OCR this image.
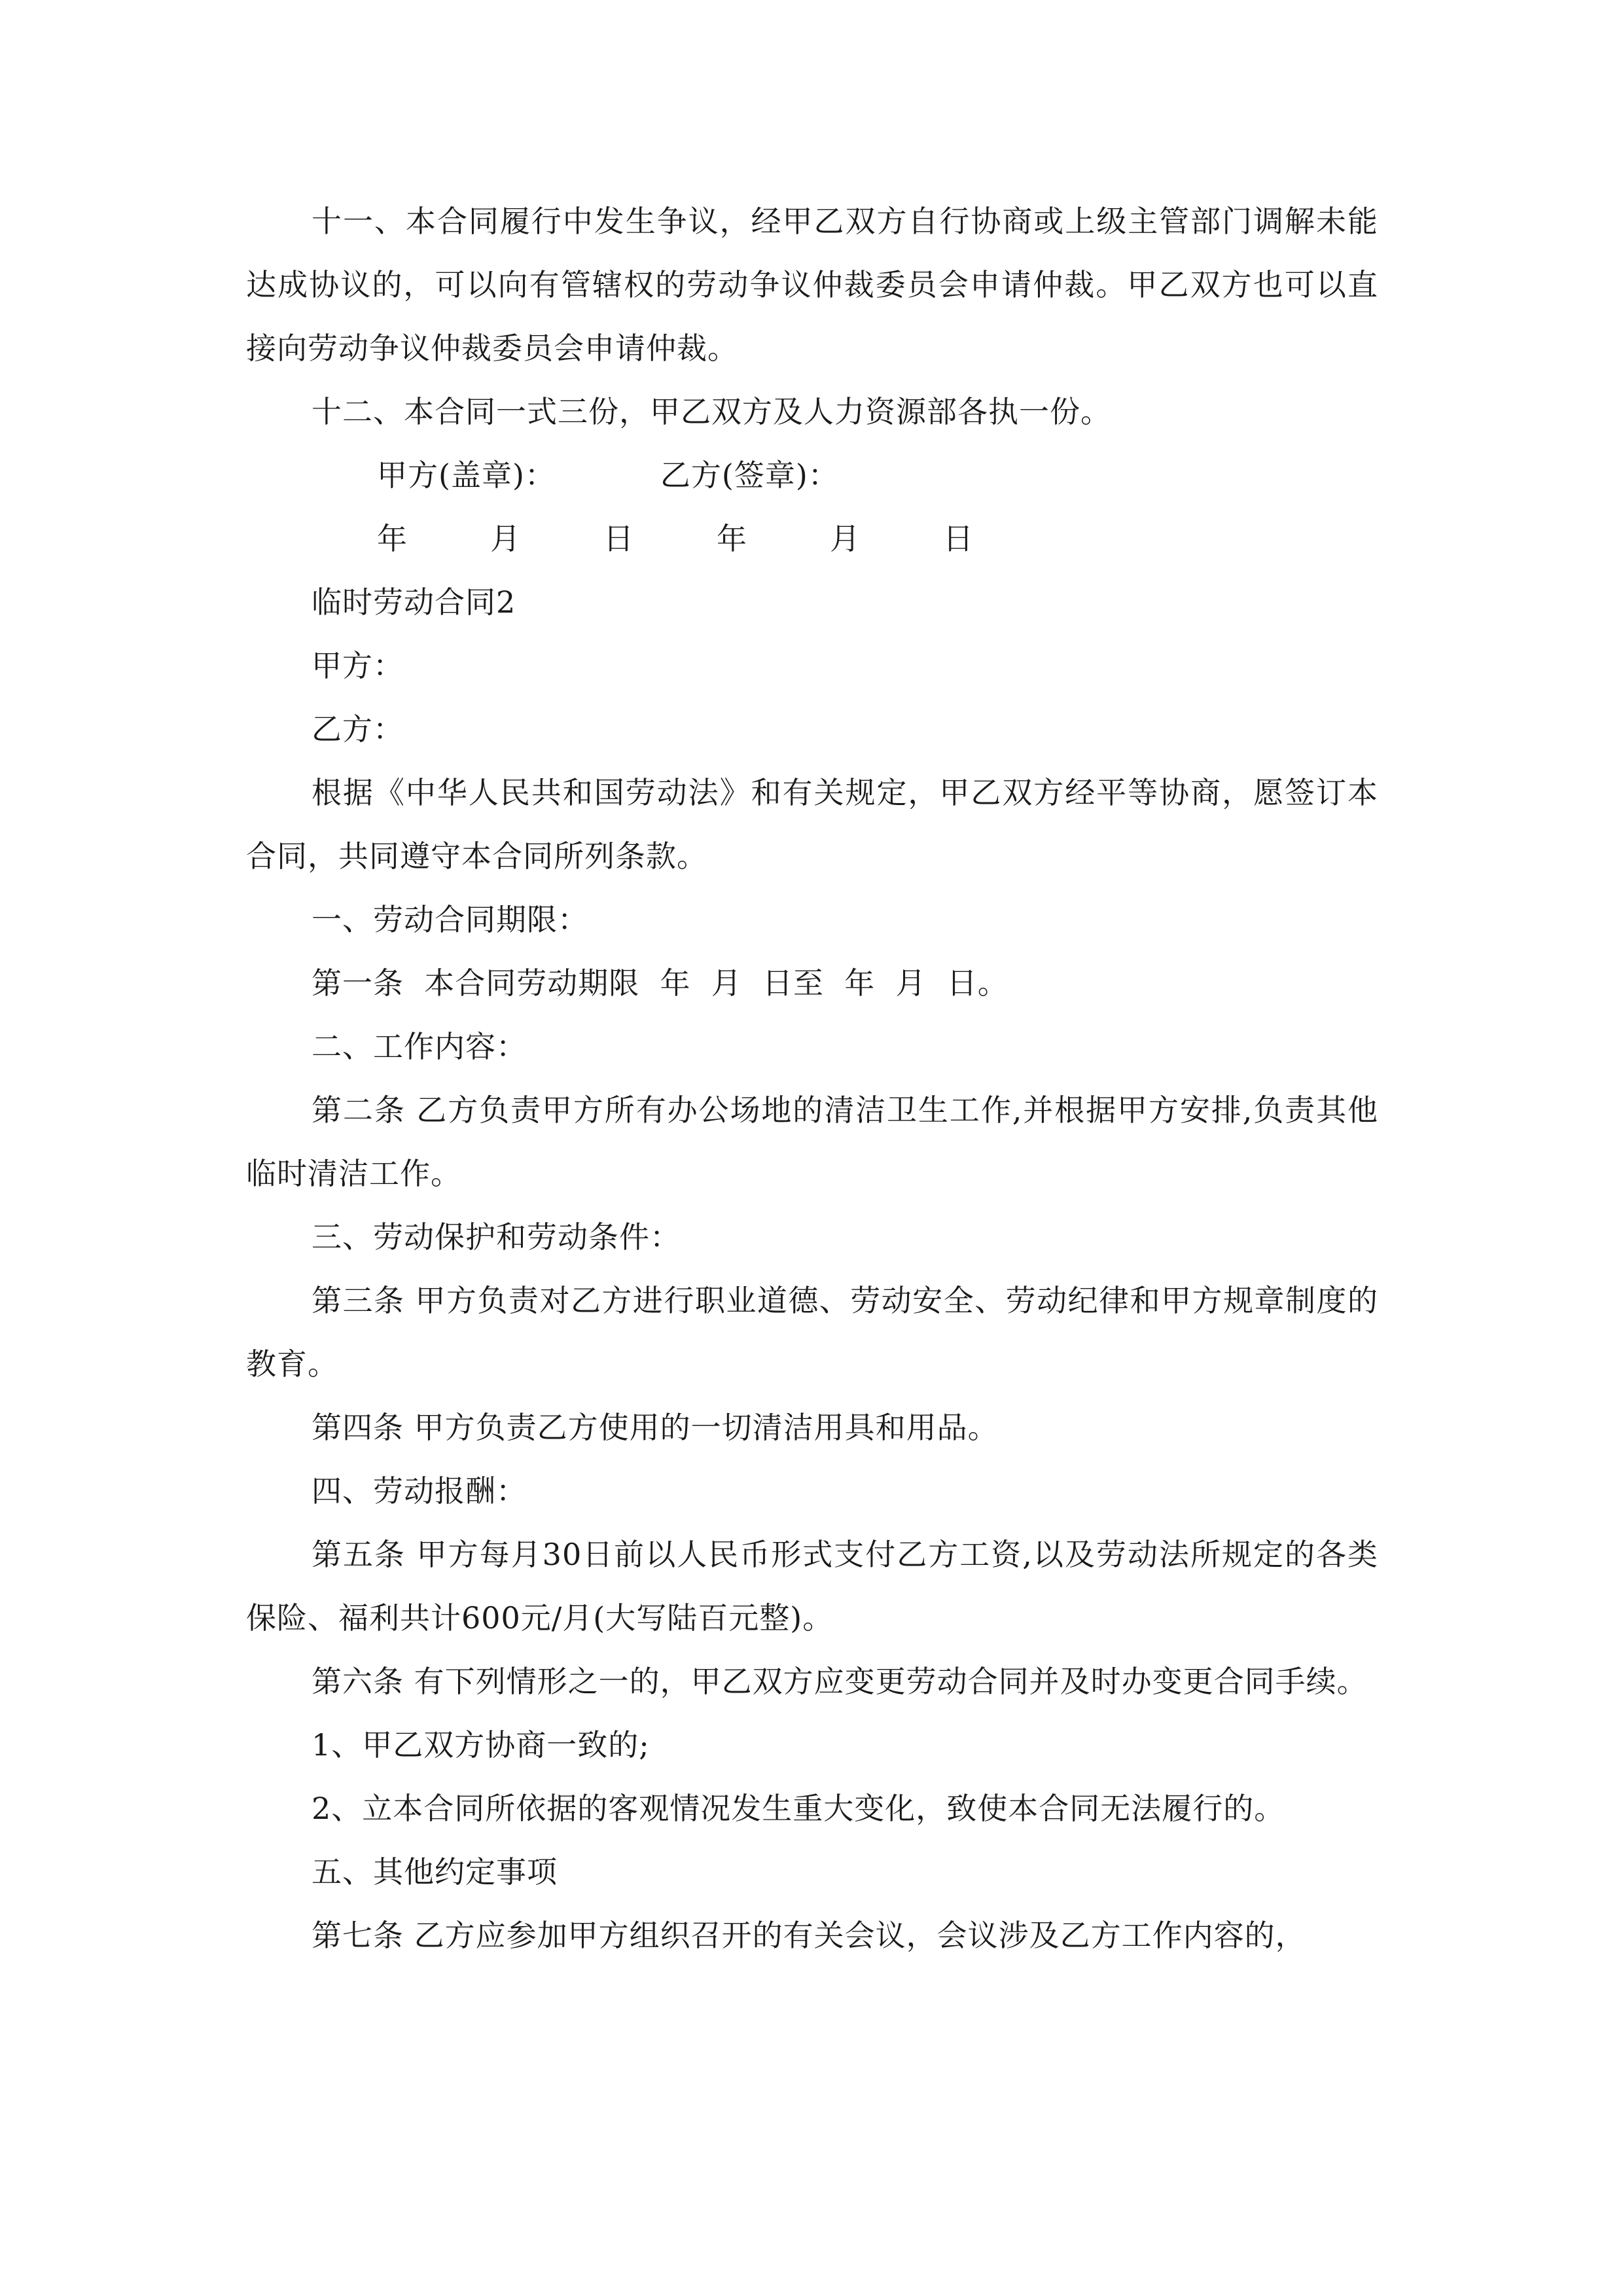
十一、本合同履行中发生争议，经甲乙双方自行协商或上级主管部门调解未能达成协议的，可以向有管辖权的劳动争议仲裁委员会申请仲裁。甲乙双方也可以直接向劳动争议仲裁委员会申请仲裁。

十二、本合同一式三份，甲乙双方及人力资源部各执一份。

甲方(盖章)：	乙方(签章)：

年	月	日	年	月	日

临时劳动合同2

甲方：

乙方：

根据《中华人民共和国劳动法》和有关规定，甲乙双方经平等协商，愿签订本合同，共同遵守本合同所列条款。

一、劳动合同期限：

第一条  本合同劳动期限  年  月  日至  年  月  日。

二、工作内容：

第二条 乙方负责甲方所有办公场地的清洁卫生工作,并根据甲方安排,负责其他临时清洁工作。

三、劳动保护和劳动条件：

第三条 甲方负责对乙方进行职业道德、劳动安全、劳动纪律和甲方规章制度的教育。

第四条 甲方负责乙方使用的一切清洁用具和用品。

四、劳动报酬：

第五条 甲方每月30日前以人民币形式支付乙方工资,以及劳动法所规定的各类保险、福利共计600元/月(大写陆百元整)。

第六条 有下列情形之一的，甲乙双方应变更劳动合同并及时办变更合同手续。

1、甲乙双方协商一致的;

2、立本合同所依据的客观情况发生重大变化，致使本合同无法履行的。

五、其他约定事项

第七条 乙方应参加甲方组织召开的有关会议，会议涉及乙方工作内容的，
